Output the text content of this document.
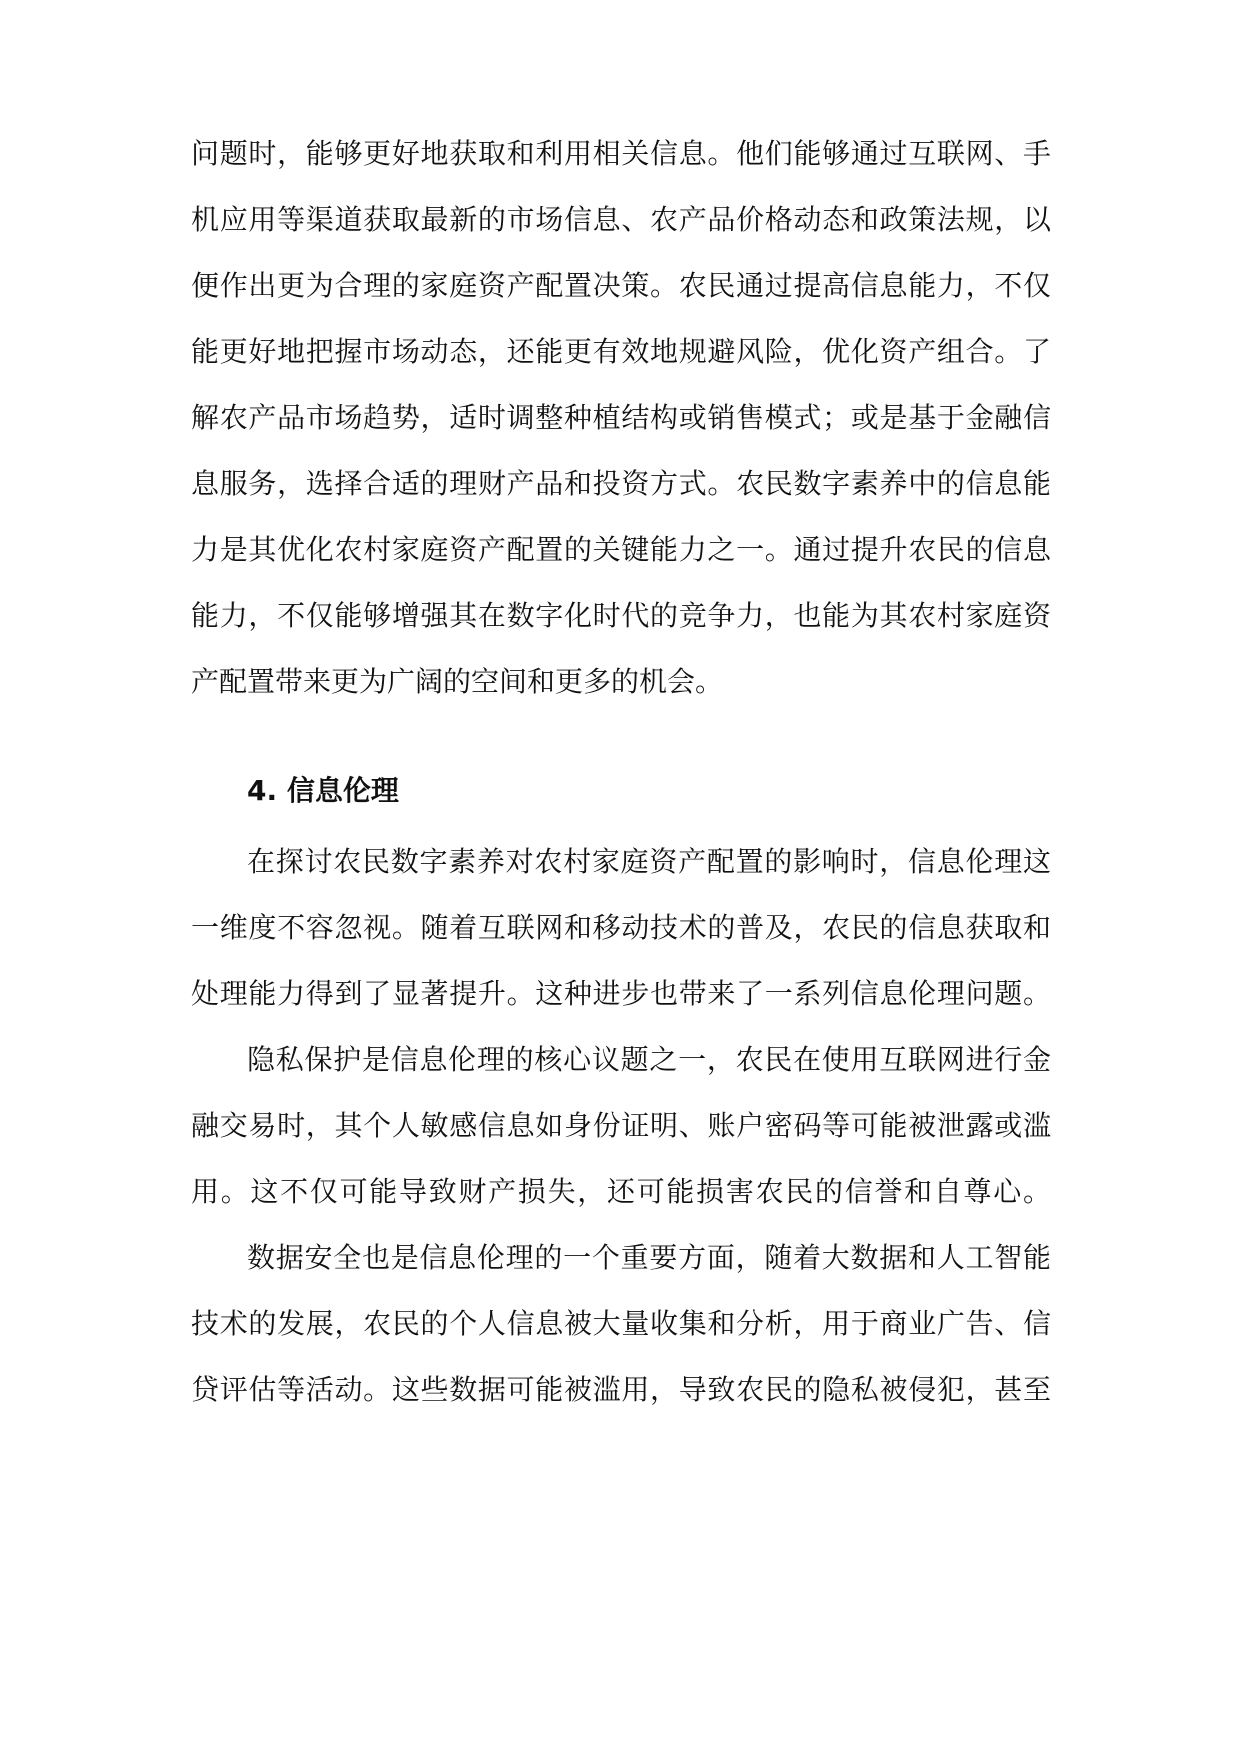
问题时，能够更好地获取和利用相关信息。他们能够通过互联网、手
机应用等渠道获取最新的市场信息、农产品价格动态和政策法规，以
便作出更为合理的家庭资产配置决策。农民通过提高信息能力，不仅
能更好地把握市场动态，还能更有效地规避风险，优化资产组合。了
解农产品市场趋势，适时调整种植结构或销售模式；或是基于金融信
息服务，选择合适的理财产品和投资方式。农民数字素养中的信息能
力是其优化农村家庭资产配置的关键能力之一。通过提升农民的信息
能力，不仅能够增强其在数字化时代的竞争力，也能为其农村家庭资
产配置带来更为广阔的空间和更多的机会。
4. 信息伦理
在探讨农民数字素养对农村家庭资产配置的影响时，信息伦理这
一维度不容忽视。随着互联网和移动技术的普及，农民的信息获取和
处理能力得到了显著提升。这种进步也带来了一系列信息伦理问题。
隐私保护是信息伦理的核心议题之一，农民在使用互联网进行金
融交易时，其个人敏感信息如身份证明、账户密码等可能被泄露或滥
用。这不仅可能导致财产损失，还可能损害农民的信誉和自尊心。
数据安全也是信息伦理的一个重要方面，随着大数据和人工智能
技术的发展，农民的个人信息被大量收集和分析，用于商业广告、信
贷评估等活动。这些数据可能被滥用，导致农民的隐私被侵犯，甚至
